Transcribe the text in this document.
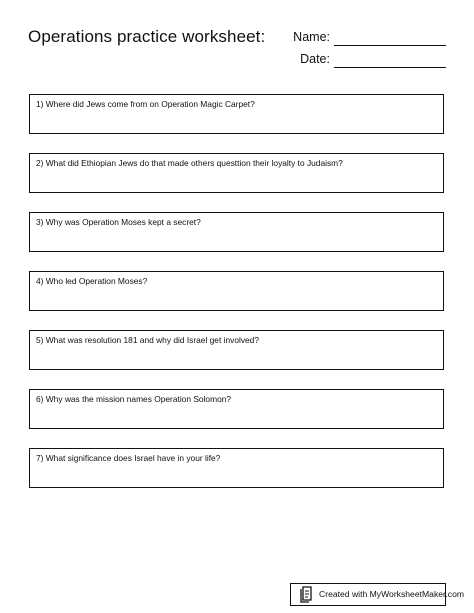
Operations practice worksheet: Name:
Date:
1) Where did Jews come from on Operation Magic Carpet?
2) What did Ethiopian Jews do that made others questtion their loyalty to Judaism?
3) Why was Operation Moses kept a secret?
4) Who led Operation Moses?
5) What was resolution 181 and why did Israel get involved?
6) Why was the mission names Operation Solomon?
7) What significance does Israel have in your life?
Created with MyWorksheetMaker.com
